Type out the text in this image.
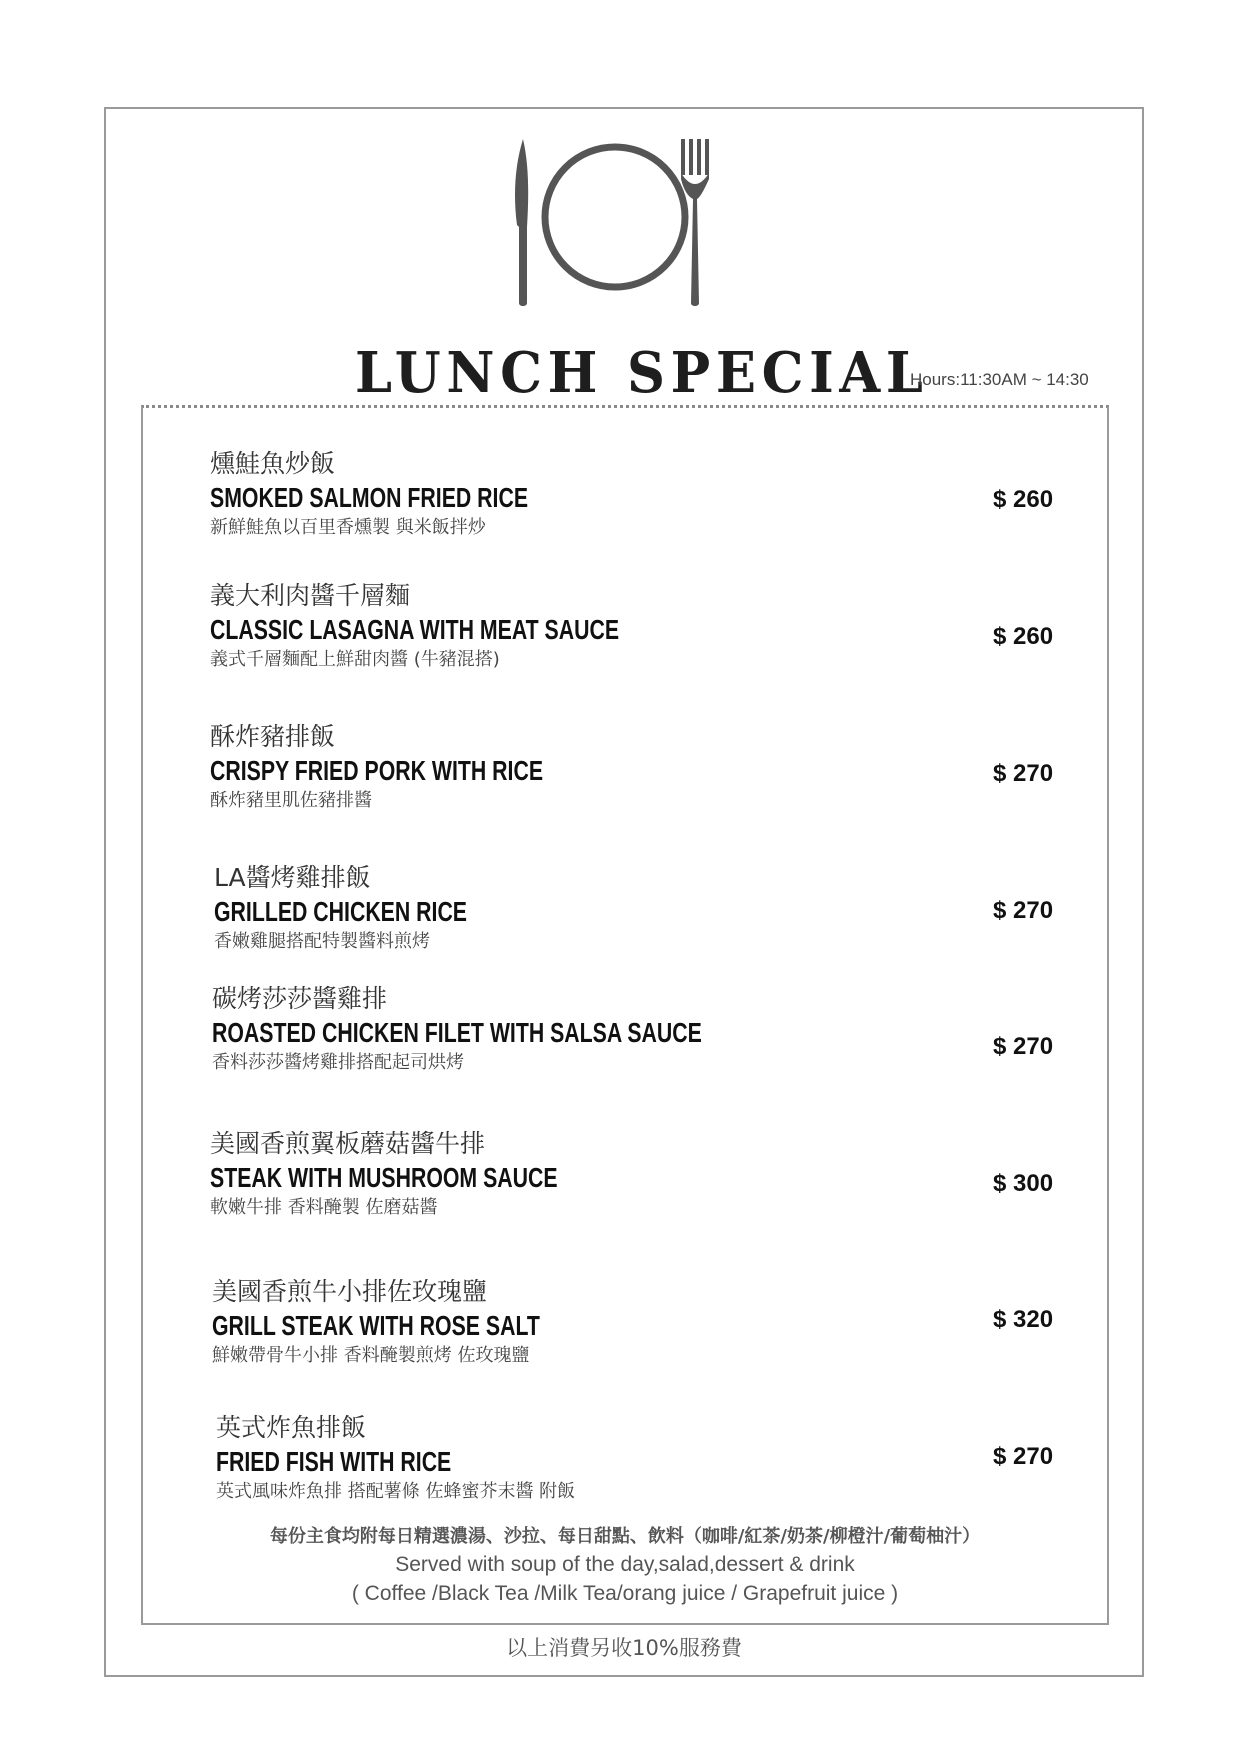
LUNCH SPECIAL
Hours:11:30AM ~ 14:30
燻鮭魚炒飯
SMOKED SALMON FRIED RICE
新鮮鮭魚以百里香燻製 與米飯拌炒
$ 260
義大利肉醬千層麵
CLASSIC LASAGNA WITH MEAT SAUCE
義式千層麵配上鮮甜肉醬 (牛豬混搭)
$ 260
酥炸豬排飯
CRISPY FRIED PORK WITH RICE
酥炸豬里肌佐豬排醬
$ 270
LA醬烤雞排飯
GRILLED CHICKEN RICE
香嫩雞腿搭配特製醬料煎烤
$ 270
碳烤莎莎醬雞排
ROASTED CHICKEN FILET WITH SALSA SAUCE
香料莎莎醬烤雞排搭配起司烘烤
$ 270
美國香煎翼板蘑菇醬牛排
STEAK WITH MUSHROOM SAUCE
軟嫩牛排 香料醃製 佐磨菇醬
$ 300
美國香煎牛小排佐玫瑰鹽
GRILL STEAK WITH ROSE SALT
鮮嫩帶骨牛小排 香料醃製煎烤 佐玫瑰鹽
$ 320
英式炸魚排飯
FRIED FISH WITH RICE
英式風味炸魚排 搭配薯條 佐蜂蜜芥末醬 附飯
$ 270
每份主食均附每日精選濃湯、沙拉、每日甜點、飲料（咖啡/紅茶/奶茶/柳橙汁/葡萄柚汁）
Served with soup of the day,salad,dessert & drink
( Coffee /Black Tea /Milk Tea/orang juice / Grapefruit juice )
以上消費另收10%服務費
